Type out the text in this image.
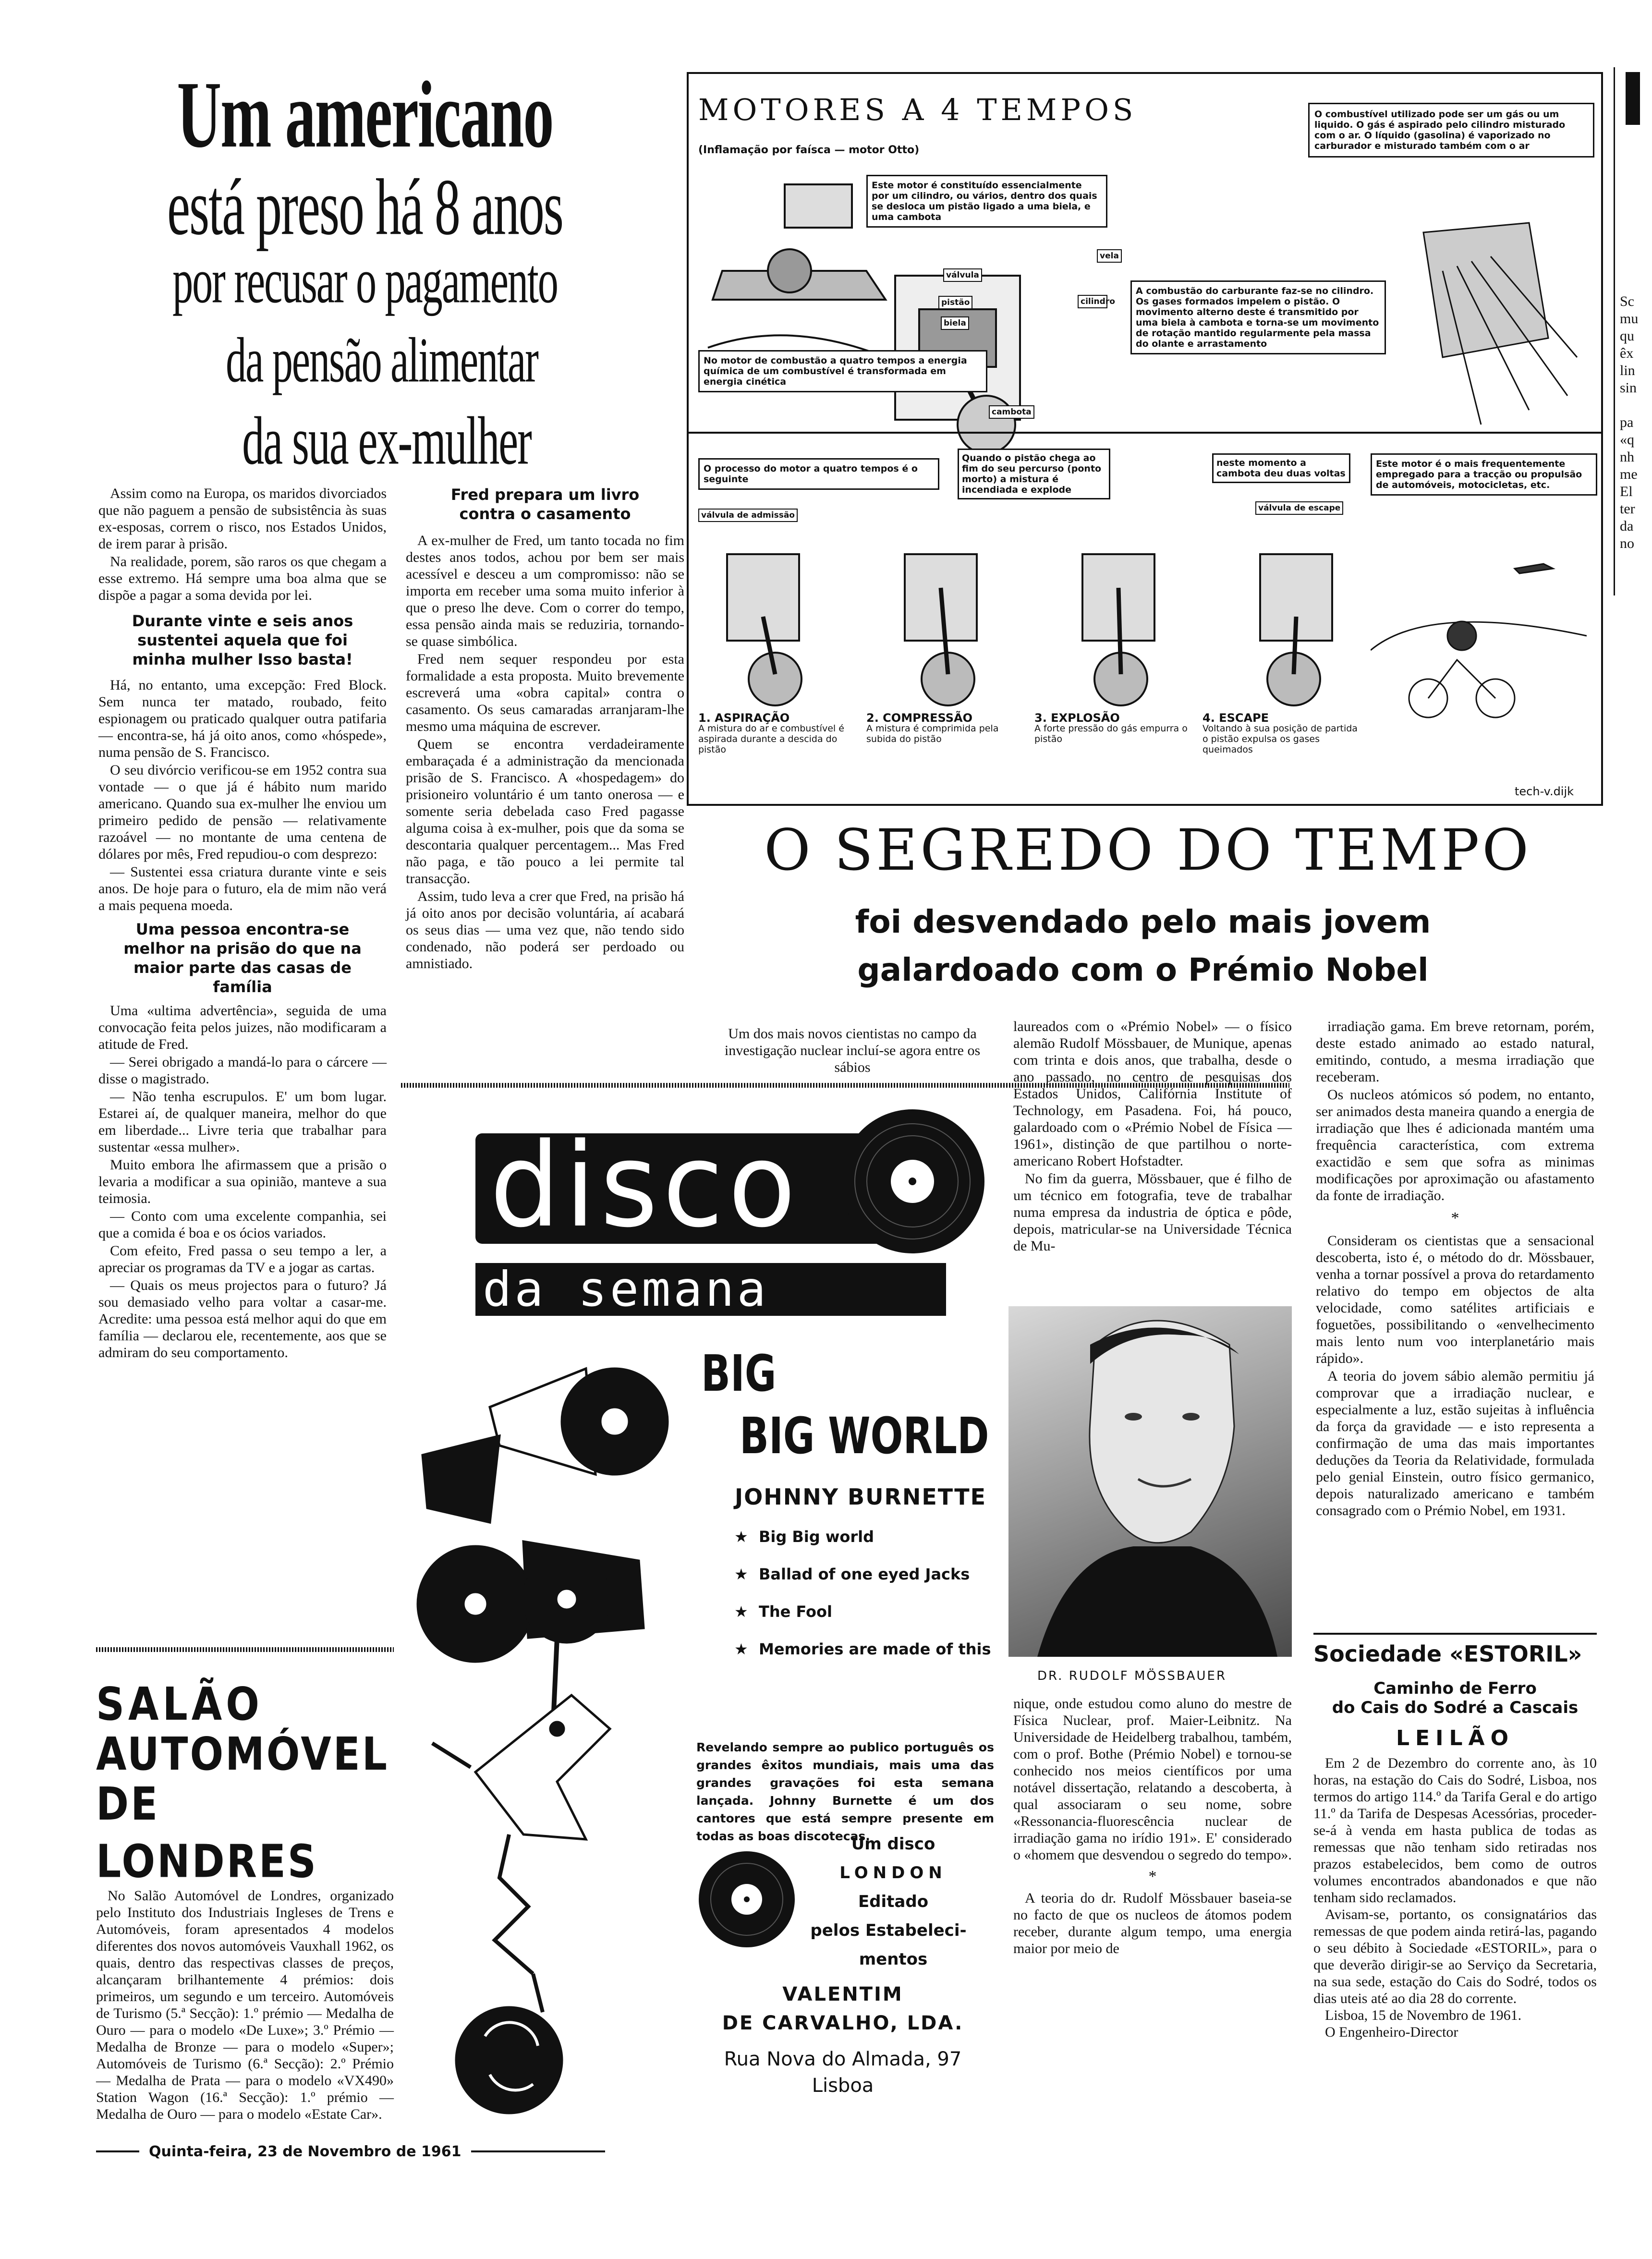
Um americano
está preso há 8 anos
por recusar o pagamento
da pensão alimentar
da sua ex-mulher

Assim como na Europa, os maridos divorciados que não paguem a pensão de subsistência às suas ex-esposas, correm o risco, nos Estados Unidos, de irem parar à prisão.

Na realidade, porem, são raros os que chegam a esse extremo. Há sempre uma boa alma que se dispõe a pagar a soma devida por lei.

Durante vinte e seis anos sustentei aquela que foi minha mulher Isso basta!

Há, no entanto, uma excepção: Fred Block. Sem nunca ter matado, roubado, feito espionagem ou praticado qualquer outra patifaria — encontra-se, há já oito anos, como «hóspede», numa pensão de S. Francisco.

O seu divórcio verificou-se em 1952 contra sua vontade — o que já é hábito num marido americano. Quando sua ex-mulher lhe enviou um primeiro pedido de pensão — relativamente razoável — no montante de uma centena de dólares por mês, Fred repudiou-o com desprezo:

— Sustentei essa criatura durante vinte e seis anos. De hoje para o futuro, ela de mim não verá a mais pequena moeda.

Uma pessoa encontra-se melhor na prisão do que na maior parte das casas de família

Uma «ultima advertência», seguida de uma convocação feita pelos juizes, não modificaram a atitude de Fred.

— Serei obrigado a mandá-lo para o cárcere — disse o magistrado.

— Não tenha escrupulos. E' um bom lugar. Estarei aí, de qualquer maneira, melhor do que em liberdade... Livre teria que trabalhar para sustentar «essa mulher».

Muito embora lhe afirmassem que a prisão o levaria a modificar a sua opinião, manteve a sua teimosia.

— Conto com uma excelente companhia, sei que a comida é boa e os ócios variados.

Com efeito, Fred passa o seu tempo a ler, a apreciar os programas da TV e a jogar as cartas.

— Quais os meus projectos para o futuro? Já sou demasiado velho para voltar a casar-me. Acredite: uma pessoa está melhor aqui do que em família — declarou ele, recentemente, aos que se admiram do seu comportamento.

Fred prepara um livro contra o casamento

A ex-mulher de Fred, um tanto tocada no fim destes anos todos, achou por bem ser mais acessível e desceu a um compromisso: não se importa em receber uma soma muito inferior à que o preso lhe deve. Com o correr do tempo, essa pensão ainda mais se reduziria, tornando-se quase simbólica.

Fred nem sequer respondeu por esta formalidade a esta proposta. Muito brevemente escreverá uma «obra capital» contra o casamento. Os seus camaradas arranjaram-lhe mesmo uma máquina de escrever.

Quem se encontra verdadeiramente embaraçada é a administração da mencionada prisão de S. Francisco. A «hospedagem» do prisioneiro voluntário é um tanto onerosa — e somente seria debelada caso Fred pagasse alguma coisa à ex-mulher, pois que da soma se descontaria qualquer percentagem... Mas Fred não paga, e tão pouco a lei permite tal transacção.

Assim, tudo leva a crer que Fred, na prisão há já oito anos por decisão voluntária, aí acabará os seus dias — uma vez que, não tendo sido condenado, não poderá ser perdoado ou amnistiado.

MOTORES A 4 TEMPOS
(Inflamação por faísca — motor Otto)
vela
válvula
pistão
biela
cilindro
cambota
Este motor é constituído essencialmente por um cilindro, ou vários, dentro dos quais se desloca um pistão ligado a uma biela, e uma cambota
O combustível utilizado pode ser um gás ou um liquido. O gás é aspirado pelo cilindro misturado com o ar. O líquido (gasolina) é vaporizado no carburador e misturado também com o ar
A combustão do carburante faz-se no cilindro. Os gases formados impelem o pistão. O movimento alterno deste é transmitido por uma biela à cambota e torna-se um movimento de rotação mantido regularmente pela massa do olante e arrastamento
No motor de combustão a quatro tempos a energia química de um combustível é transformada em energia cinética
O processo do motor a quatro tempos é o seguinte
válvula de admissão
Quando o pistão chega ao fim do seu percurso (ponto morto) a mistura é incendiada e explode
neste momento a cambota deu duas voltas
válvula de escape
Este motor é o mais frequentemente empregado para a tracção ou propulsão de automóveis, motocicletas, etc.
1. ASPIRAÇÃO
A mistura do ar e combustível é aspirada durante a descida do pistão
2. COMPRESSÃO
A mistura é comprimida pela subida do pistão
3. EXPLOSÃO
A forte pressão do gás empurra o pistão
4. ESCAPE
Voltando à sua posição de partida o pistão expulsa os gases queimados
tech-v.dijk
O SEGREDO DO TEMPO
foi desvendado pelo mais jovem
galardoado com o Prémio Nobel
Um dos mais novos cientistas no campo da investigação nuclear incluí-se agora entre os sábios

laureados com o «Prémio Nobel» — o físico alemão Rudolf Mössbauer, de Munique, apenas com trinta e dois anos, que trabalha, desde o ano passado, no centro de pesquisas dos Estados Unidos, Califórnia Institute of Technology, em Pasadena. Foi, há pouco, galardoado com o «Prémio Nobel de Física — 1961», distinção de que partilhou o norte-americano Robert Hofstadter.

No fim da guerra, Mössbauer, que é filho de um técnico em fotografia, teve de trabalhar numa empresa da industria de óptica e pôde, depois, matricular-se na Universidade Técnica de Mu-

DR. RUDOLF MÖSSBAUER

nique, onde estudou como aluno do mestre de Física Nuclear, prof. Maier-Leibnitz. Na Universidade de Heidelberg trabalhou, também, com o prof. Bothe (Prémio Nobel) e tornou-se conhecido nos meios científicos por uma notável dissertação, relatando a descoberta, à qual associaram o seu nome, sobre «Ressonancia-fluorescência nuclear de irradiação gama no irídio 191». E' considerado o «homem que desvendou o segredo do tempo».

*

A teoria do dr. Rudolf Mössbauer baseia-se no facto de que os nucleos de átomos podem receber, durante algum tempo, uma energia maior por meio de

irradiação gama. Em breve retornam, porém, deste estado animado ao estado natural, emitindo, contudo, a mesma irradiação que receberam.

Os nucleos atómicos só podem, no entanto, ser animados desta maneira quando a energia de irradiação que lhes é adicionada mantém uma frequência característica, com extrema exactidão e sem que sofra as minimas modificações por aproximação ou afastamento da fonte de irradiação.

*

Consideram os cientistas que a sensacional descoberta, isto é, o método do dr. Mössbauer, venha a tornar possível a prova do retardamento relativo do tempo em objectos de alta velocidade, como satélites artificiais e foguetões, possibilitando o «envelhecimento mais lento num voo interplanetário mais rápido».

A teoria do jovem sábio alemão permitiu já comprovar que a irradiação nuclear, e especialmente a luz, estão sujeitas à influência da força da gravidade — e isto representa a confirmação de uma das mais importantes deduções da Teoria da Relatividade, formulada pelo genial Einstein, outro físico germanico, depois naturalizado americano e também consagrado com o Prémio Nobel, em 1931.

Sociedade «ESTORIL»
Caminho de Ferro
do Cais do Sodré a Cascais
LEILÃO
Em 2 de Dezembro do corrente ano, às 10 horas, na estação do Cais do Sodré, Lisboa, nos termos do artigo 114.º da Tarifa Geral e do artigo 11.º da Tarifa de Despesas Acessórias, proceder-se-á à venda em hasta publica de todas as remessas que não tenham sido retiradas nos prazos estabelecidos, bem como de outros volumes encontrados abandonados e que não tenham sido reclamados.
Avisam-se, portanto, os consignatários das remessas de que podem ainda retirá-las, pagando o seu débito à Sociedade «ESTORIL», para o que deverão dirigir-se ao Serviço da Secretaria, na sua sede, estação do Cais do Sodré, todos os dias uteis até ao dia 28 do corrente.
Lisboa, 15 de Novembro de 1961.
O Engenheiro-Director
disco
da semana
BIG
BIG WORLD
JOHNNY BURNETTE
★ Big Big world
★ Ballad of one eyed Jacks
★ The Fool
★ Memories are made of this
Revelando sempre ao publico português os grandes êxitos mundiais, mais uma das grandes gravações foi esta semana lançada. Johnny Burnette é um dos cantores que está sempre presente em todas as boas discotecas.
Um disco
LONDON
Editado
pelos Estabeleci-
mentos
VALENTIM
DE CARVALHO, LDA.
Rua Nova do Almada, 97
Lisboa
SALÃO
AUTOMÓVEL
DE LONDRES
No Salão Automóvel de Londres, organizado pelo Instituto dos Industriais Ingleses de Trens e Automóveis, foram apresentados 4 modelos diferentes dos novos automóveis Vauxhall 1962, os quais, dentro das respectivas classes de preços, alcançaram brilhantemente 4 prémios: dois primeiros, um segundo e um terceiro. Automóveis de Turismo (5.ª Secção): 1.º prémio — Medalha de Ouro — para o modelo «De Luxe»; 3.º Prémio — Medalha de Bronze — para o modelo «Super»; Automóveis de Turismo (6.ª Secção): 2.º Prémio — Medalha de Prata — para o modelo «VX490» Station Wagon (16.ª Secção): 1.º prémio — Medalha de Ouro — para o modelo «Estate Car».
Sc
mu
qu
êx
lin
sin
pa
«q
nh
me
El
ter
da
no
Quinta-feira, 23 de Novembro de 1961
